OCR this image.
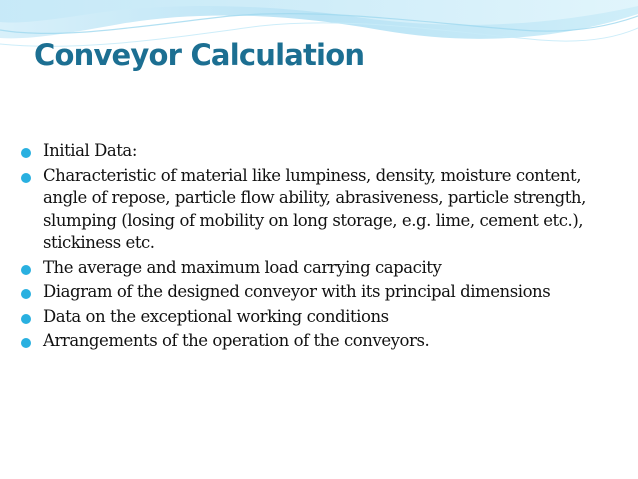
Conveyor Calculation
Initial Data:
Characteristic of material like lumpiness, density, moisture content, angle of repose, particle flow ability, abrasiveness, particle strength, slumping (losing of mobility on long storage, e.g. lime, cement etc.), stickiness etc.
The average and maximum load carrying capacity
Diagram of the designed conveyor with its principal dimensions
Data on the exceptional working conditions
Arrangements of the operation of the conveyors.
